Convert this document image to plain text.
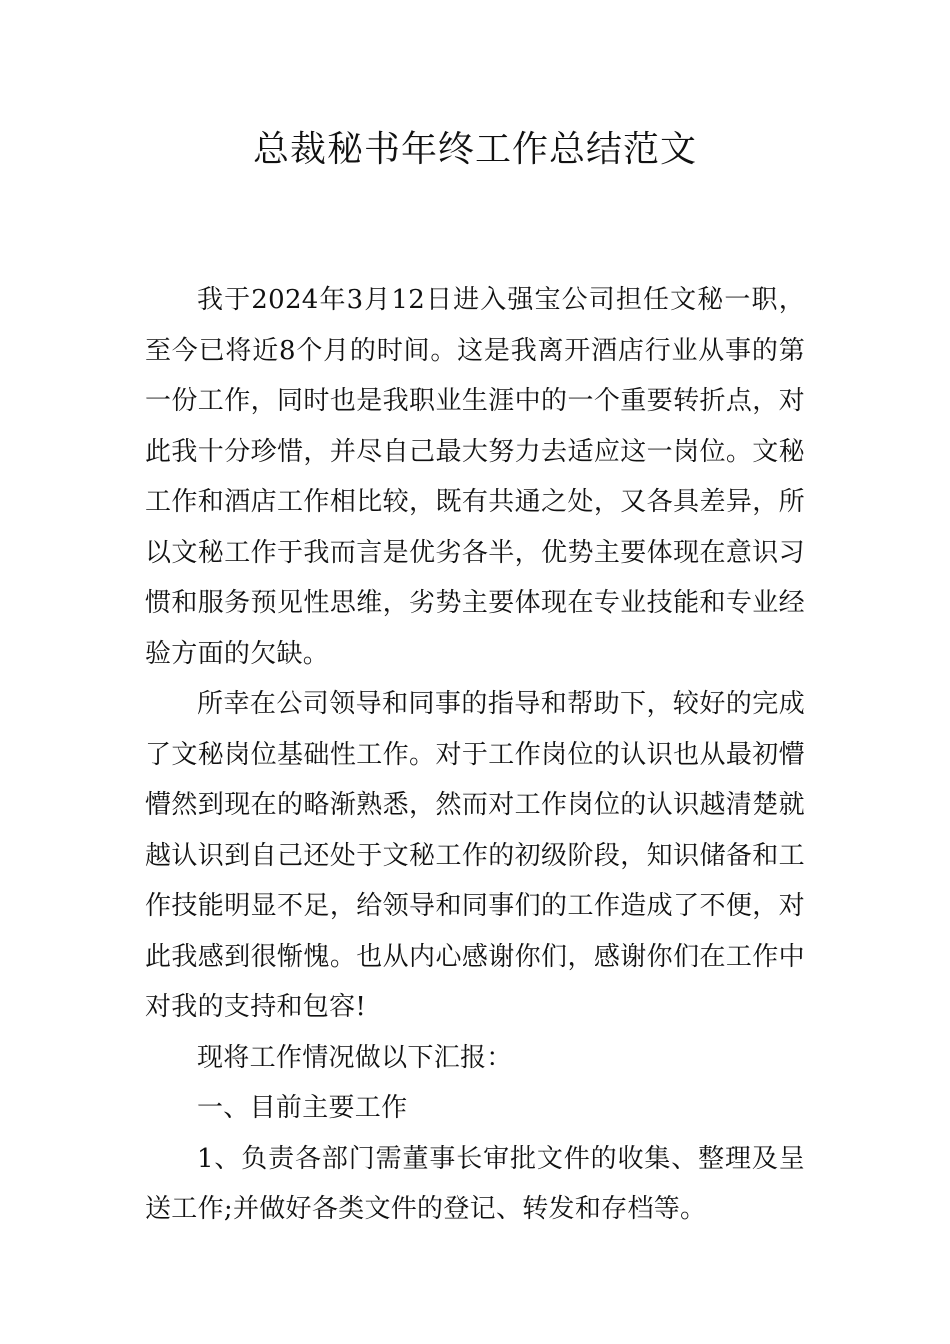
总裁秘书年终工作总结范文

我于2024年3月12日进入强宝公司担任文秘一职，至今已将近8个月的时间。这是我离开酒店行业从事的第一份工作，同时也是我职业生涯中的一个重要转折点，对此我十分珍惜，并尽自己最大努力去适应这一岗位。文秘工作和酒店工作相比较，既有共通之处，又各具差异，所以文秘工作于我而言是优劣各半，优势主要体现在意识习惯和服务预见性思维，劣势主要体现在专业技能和专业经验方面的欠缺。

所幸在公司领导和同事的指导和帮助下，较好的完成了文秘岗位基础性工作。对于工作岗位的认识也从最初懵懵然到现在的略渐熟悉，然而对工作岗位的认识越清楚就越认识到自己还处于文秘工作的初级阶段，知识储备和工作技能明显不足，给领导和同事们的工作造成了不便，对此我感到很惭愧。也从内心感谢你们，感谢你们在工作中对我的支持和包容!

现将工作情况做以下汇报：

一、目前主要工作

1、负责各部门需董事长审批文件的收集、整理及呈送工作;并做好各类文件的登记、转发和存档等。
